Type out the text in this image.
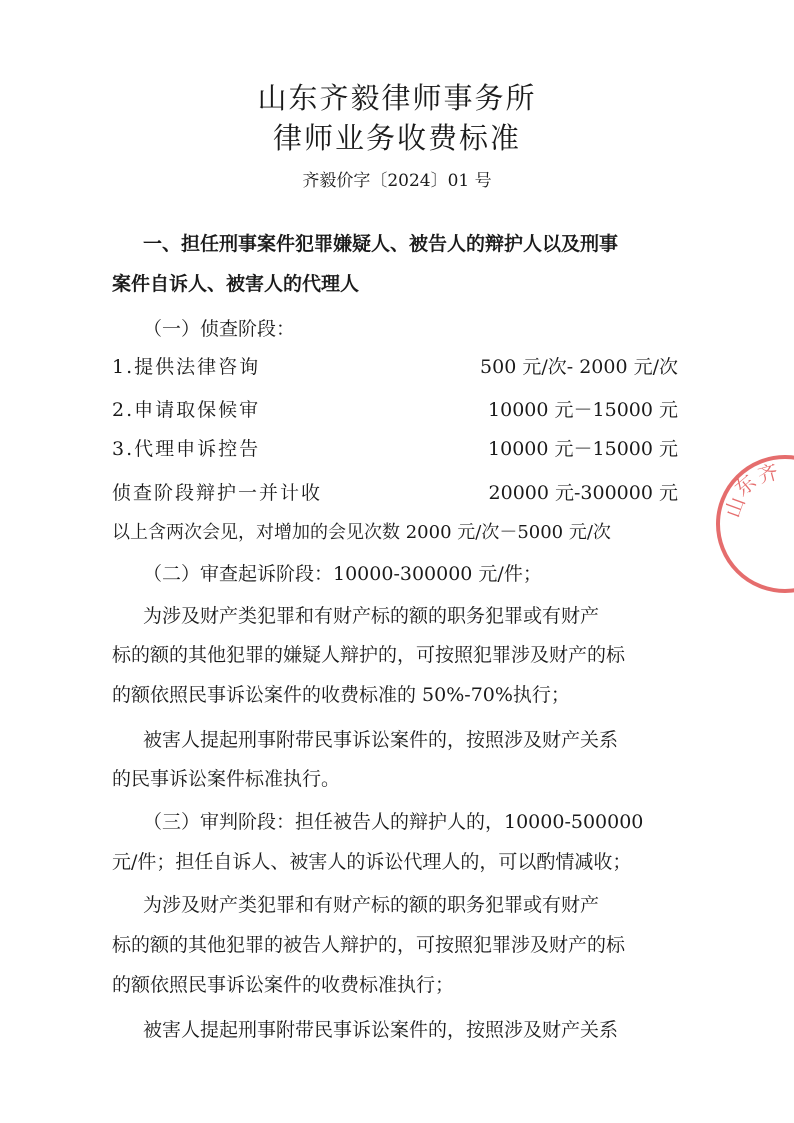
山东齐毅律师事务所
律师业务收费标准
齐毅价字〔2024〕01 号
一、担任刑事案件犯罪嫌疑人、被告人的辩护人以及刑事
案件自诉人、被害人的代理人
（一）侦查阶段：
1.提供法律咨询	500 元/次- 2000 元/次
2.申请取保候审	10000 元－15000 元
3.代理申诉控告	10000 元－15000 元
侦查阶段辩护一并计收	20000 元-300000 元
以上含两次会见，对增加的会见次数 2000 元/次－5000 元/次
（二）审查起诉阶段：10000-300000 元/件；
为涉及财产类犯罪和有财产标的额的职务犯罪或有财产
标的额的其他犯罪的嫌疑人辩护的，可按照犯罪涉及财产的标
的额依照民事诉讼案件的收费标准的 50%-70%执行；
被害人提起刑事附带民事诉讼案件的，按照涉及财产关系
的民事诉讼案件标准执行。
（三）审判阶段：担任被告人的辩护人的，10000-500000
元/件；担任自诉人、被害人的诉讼代理人的，可以酌情减收；
为涉及财产类犯罪和有财产标的额的职务犯罪或有财产
标的额的其他犯罪的被告人辩护的，可按照犯罪涉及财产的标
的额依照民事诉讼案件的收费标准执行；
被害人提起刑事附带民事诉讼案件的，按照涉及财产关系
山
东
齐
